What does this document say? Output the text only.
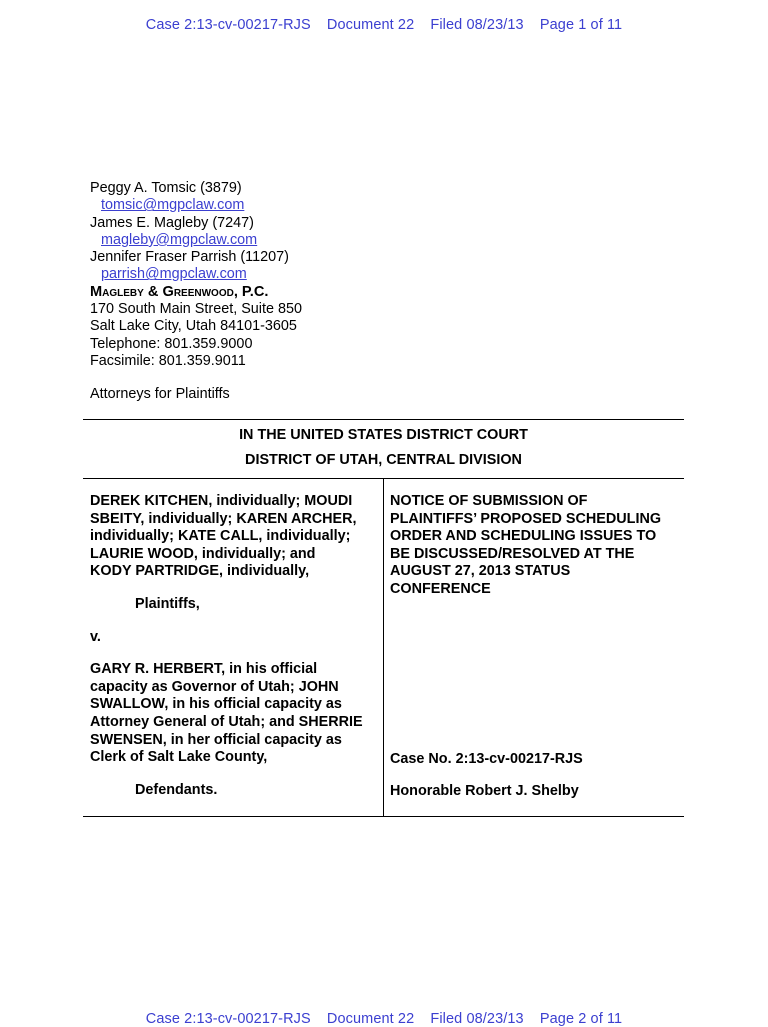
Case 2:13-cv-00217-RJS Document 22 Filed 08/23/13 Page 1 of 11
Peggy A. Tomsic (3879)
tomsic@mgpclaw.com
James E. Magleby (7247)
magleby@mgpclaw.com
Jennifer Fraser Parrish (11207)
parrish@mgpclaw.com
Magleby & Greenwood, P.C.
170 South Main Street, Suite 850
Salt Lake City, Utah 84101-3605
Telephone: 801.359.9000
Facsimile: 801.359.9011
Attorneys for Plaintiffs
IN THE UNITED STATES DISTRICT COURT
DISTRICT OF UTAH, CENTRAL DIVISION
DEREK KITCHEN, individually; MOUDI
SBEITY, individually; KAREN ARCHER,
individually; KATE CALL, individually;
LAURIE WOOD, individually; and
KODY PARTRIDGE, individually,
Plaintiffs,
v.
GARY R. HERBERT, in his official
capacity as Governor of Utah; JOHN
SWALLOW, in his official capacity as
Attorney General of Utah; and SHERRIE
SWENSEN, in her official capacity as
Clerk of Salt Lake County,
Defendants.
NOTICE OF SUBMISSION OF
PLAINTIFFS’ PROPOSED SCHEDULING
ORDER AND SCHEDULING ISSUES TO
BE DISCUSSED/RESOLVED AT THE
AUGUST 27, 2013 STATUS
CONFERENCE
Case No. 2:13-cv-00217-RJS
Honorable Robert J. Shelby
Case 2:13-cv-00217-RJS Document 22 Filed 08/23/13 Page 2 of 11
